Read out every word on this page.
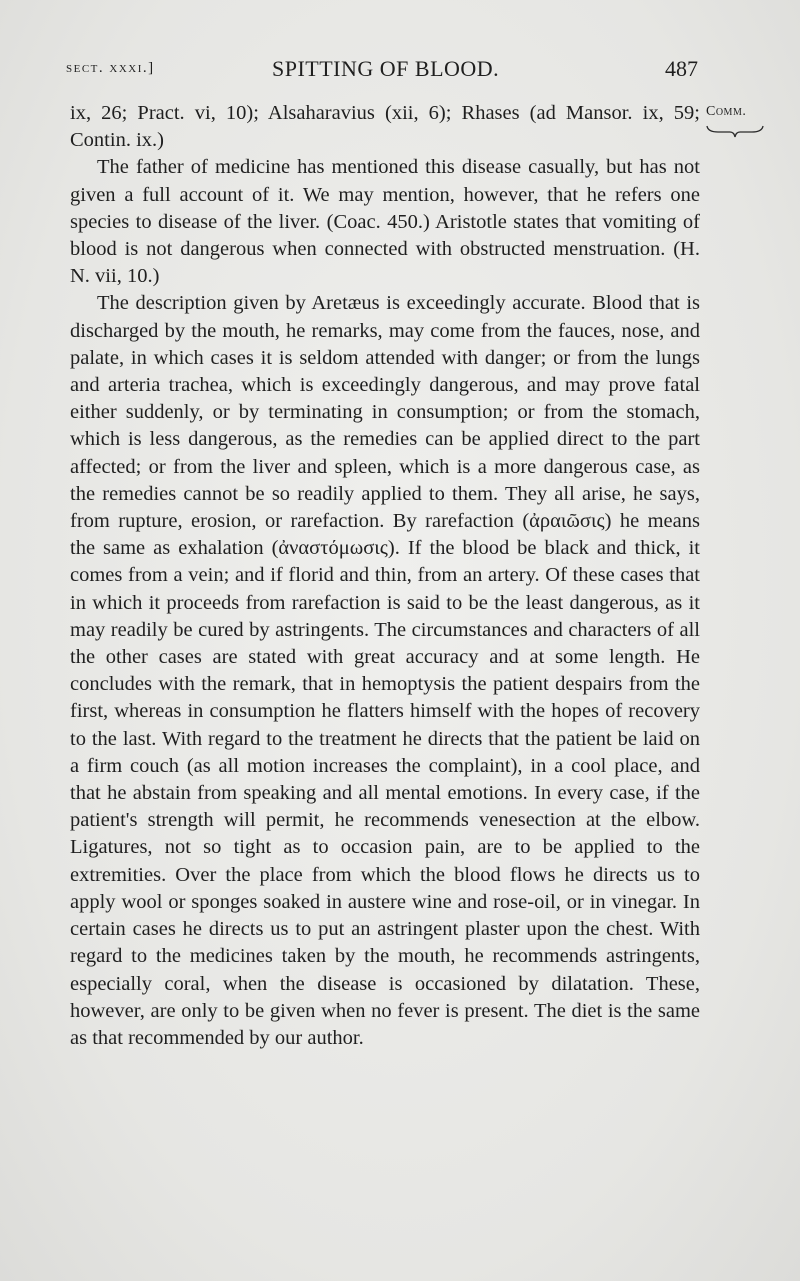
sect. xxxi.]	SPITTING OF BLOOD.	487
Comm.

ix, 26; Pract. vi, 10); Alsaharavius (xii, 6); Rhases (ad Mansor. ix, 59; Contin. ix.)

The father of medicine has mentioned this disease casually, but has not given a full account of it. We may mention, however, that he refers one species to disease of the liver. (Coac. 450.) Aristotle states that vomiting of blood is not dangerous when connected with obstructed menstruation. (H. N. vii, 10.)

The description given by Aretæus is exceedingly accurate. Blood that is discharged by the mouth, he remarks, may come from the fauces, nose, and palate, in which cases it is seldom attended with danger; or from the lungs and arteria trachea, which is exceedingly dangerous, and may prove fatal either suddenly, or by terminating in consumption; or from the stomach, which is less dangerous, as the remedies can be applied direct to the part affected; or from the liver and spleen, which is a more dangerous case, as the remedies cannot be so readily applied to them. They all arise, he says, from rupture, erosion, or rarefaction. By rarefaction (ἀραιῶσις) he means the same as exhalation (ἀναστόμωσις). If the blood be black and thick, it comes from a vein; and if florid and thin, from an artery. Of these cases that in which it proceeds from rarefaction is said to be the least dangerous, as it may readily be cured by astringents. The circumstances and characters of all the other cases are stated with great accuracy and at some length. He concludes with the remark, that in hemoptysis the patient despairs from the first, whereas in consumption he flatters himself with the hopes of recovery to the last. With regard to the treatment he directs that the patient be laid on a firm couch (as all motion increases the complaint), in a cool place, and that he abstain from speaking and all mental emotions. In every case, if the patient's strength will permit, he recommends venesection at the elbow. Ligatures, not so tight as to occasion pain, are to be applied to the extremities. Over the place from which the blood flows he directs us to apply wool or sponges soaked in austere wine and rose-oil, or in vinegar. In certain cases he directs us to put an astringent plaster upon the chest. With regard to the medicines taken by the mouth, he recommends astringents, especially coral, when the disease is occasioned by dilatation. These, however, are only to be given when no fever is present. The diet is the same as that recommended by our author.
